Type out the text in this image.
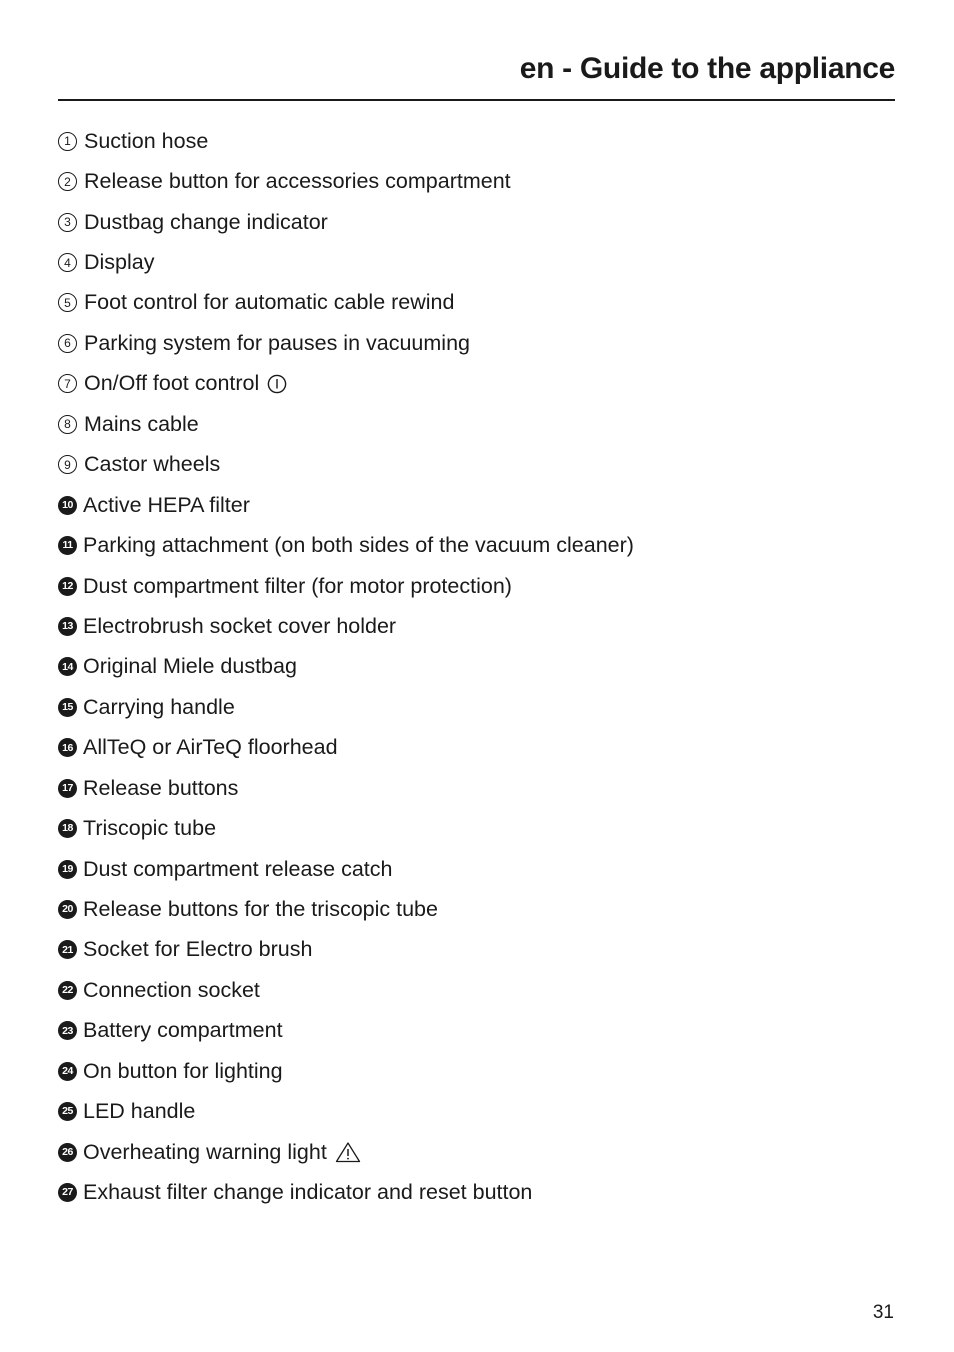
en - Guide to the appliance
1 Suction hose
2 Release button for accessories compartment
3 Dustbag change indicator
4 Display
5 Foot control for automatic cable rewind
6 Parking system for pauses in vacuuming
7 On/Off foot control
8 Mains cable
9 Castor wheels
10 Active HEPA filter
11 Parking attachment (on both sides of the vacuum cleaner)
12 Dust compartment filter (for motor protection)
13 Electrobrush socket cover holder
14 Original Miele dustbag
15 Carrying handle
16 AllTeQ or AirTeQ floorhead
17 Release buttons
18 Triscopic tube
19 Dust compartment release catch
20 Release buttons for the triscopic tube
21 Socket for Electro brush
22 Connection socket
23 Battery compartment
24 On button for lighting
25 LED handle
26 Overheating warning light
27 Exhaust filter change indicator and reset button
31
